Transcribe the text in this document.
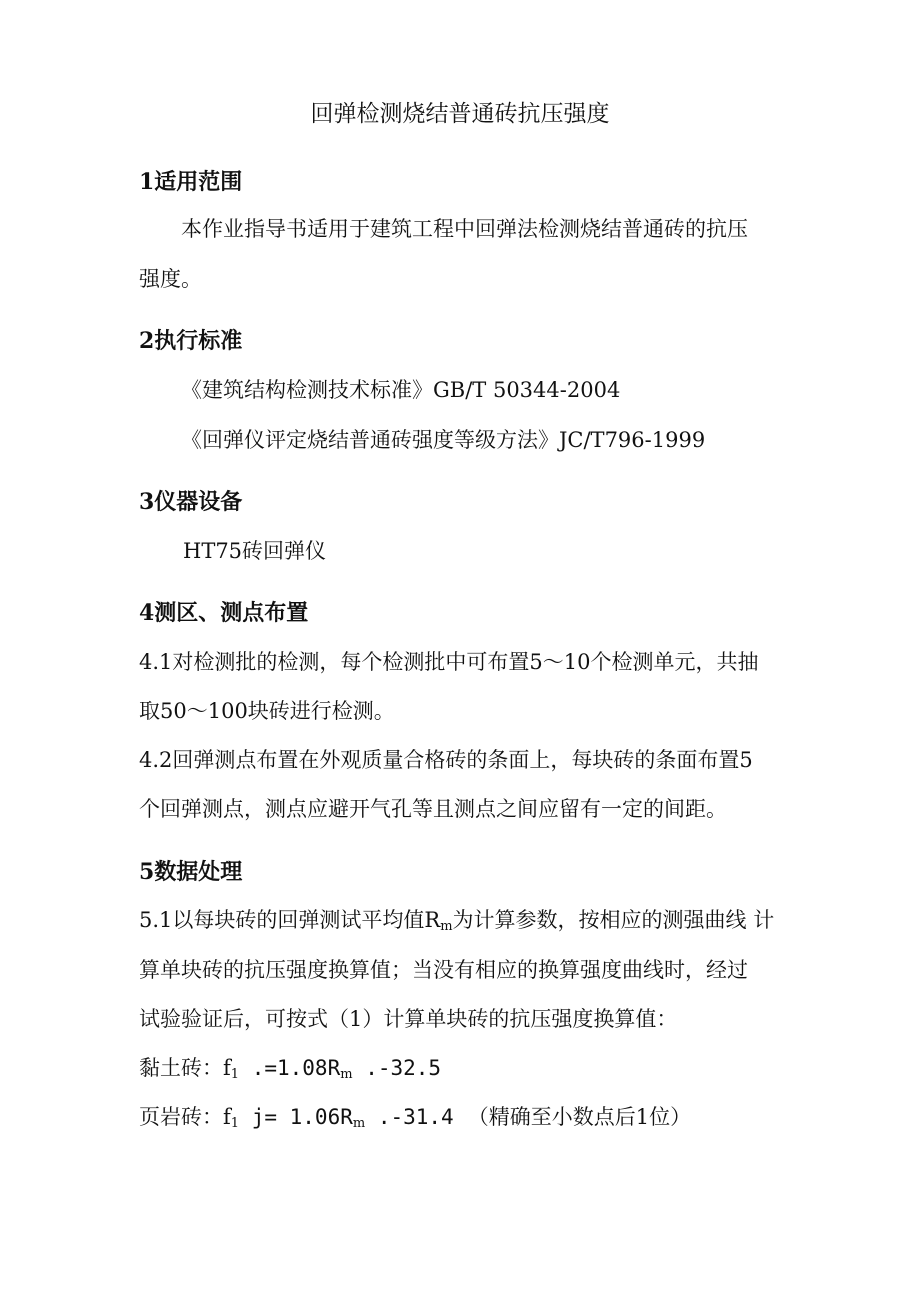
回弹检测烧结普通砖抗压强度
1适用范围
本作业指导书适用于建筑工程中回弹法检测烧结普通砖的抗压
强度。
2执行标准
《建筑结构检测技术标准》GB/T 50344-2004
《回弹仪评定烧结普通砖强度等级方法》JC/T796-1999
3仪器设备
HT75砖回弹仪
4测区、测点布置
4.1对检测批的检测，每个检测批中可布置5～10个检测单元，共抽
取50～100块砖进行检测。
4.2回弹测点布置在外观质量合格砖的条面上，每块砖的条面布置5
个回弹测点，测点应避开气孔等且测点之间应留有一定的间距。
5数据处理
5.1以每块砖的回弹测试平均值$R_m$为计算参数，按相应的测强曲线 计
算单块砖的抗压强度换算值；当没有相应的换算强度曲线时，经过
试验验证后，可按式（1）计算单块砖的抗压强度换算值：
黏土砖：$f_1$ $.=1.08R_m$ .-32.5
页岩砖：$f_1$ $j= 1.06R_m$ .-31.4 （精确至小数点后1位）
